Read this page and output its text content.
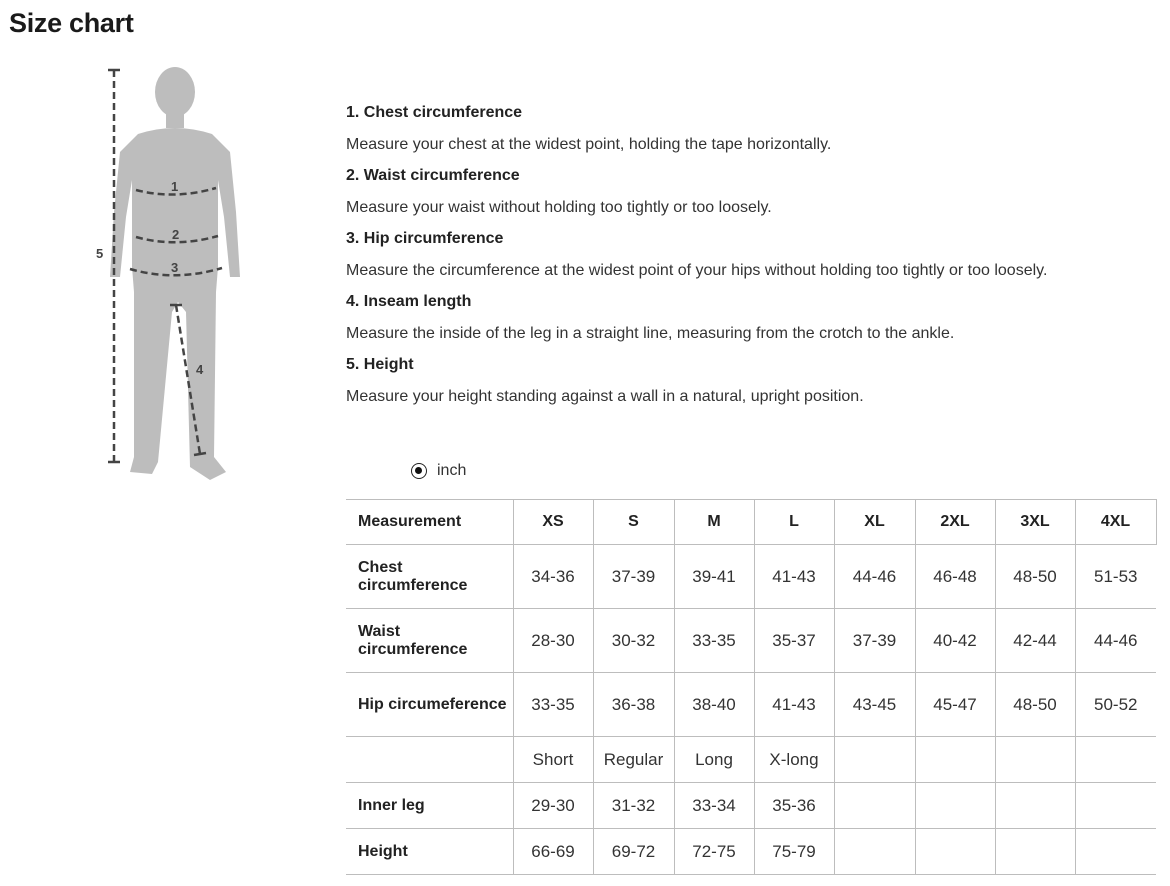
Size chart
1
2
3
4
5
1. Chest circumference
Measure your chest at the widest point, holding the tape horizontally.
2. Waist circumference
Measure your waist without holding too tightly or too loosely.
3. Hip circumference
Measure the circumference at the widest point of your hips without holding too tightly or too loosely.
4. Inseam length
Measure the inside of the leg in a straight line, measuring from the crotch to the ankle.
5. Height
Measure your height standing against a wall in a natural, upright position.
inch
Measurement	XS	S	M	L	XL	2XL	3XL	4XL
Chest circumference	34-36	37-39	39-41	41-43	44-46	46-48	48-50	51-53
Waist circumference	28-30	30-32	33-35	35-37	37-39	40-42	42-44	44-46
Hip circumeference	33-35	36-38	38-40	41-43	43-45	45-47	48-50	50-52
	Short	Regular	Long	X-long				
Inner leg	29-30	31-32	33-34	35-36				
Height	66-69	69-72	72-75	75-79				
